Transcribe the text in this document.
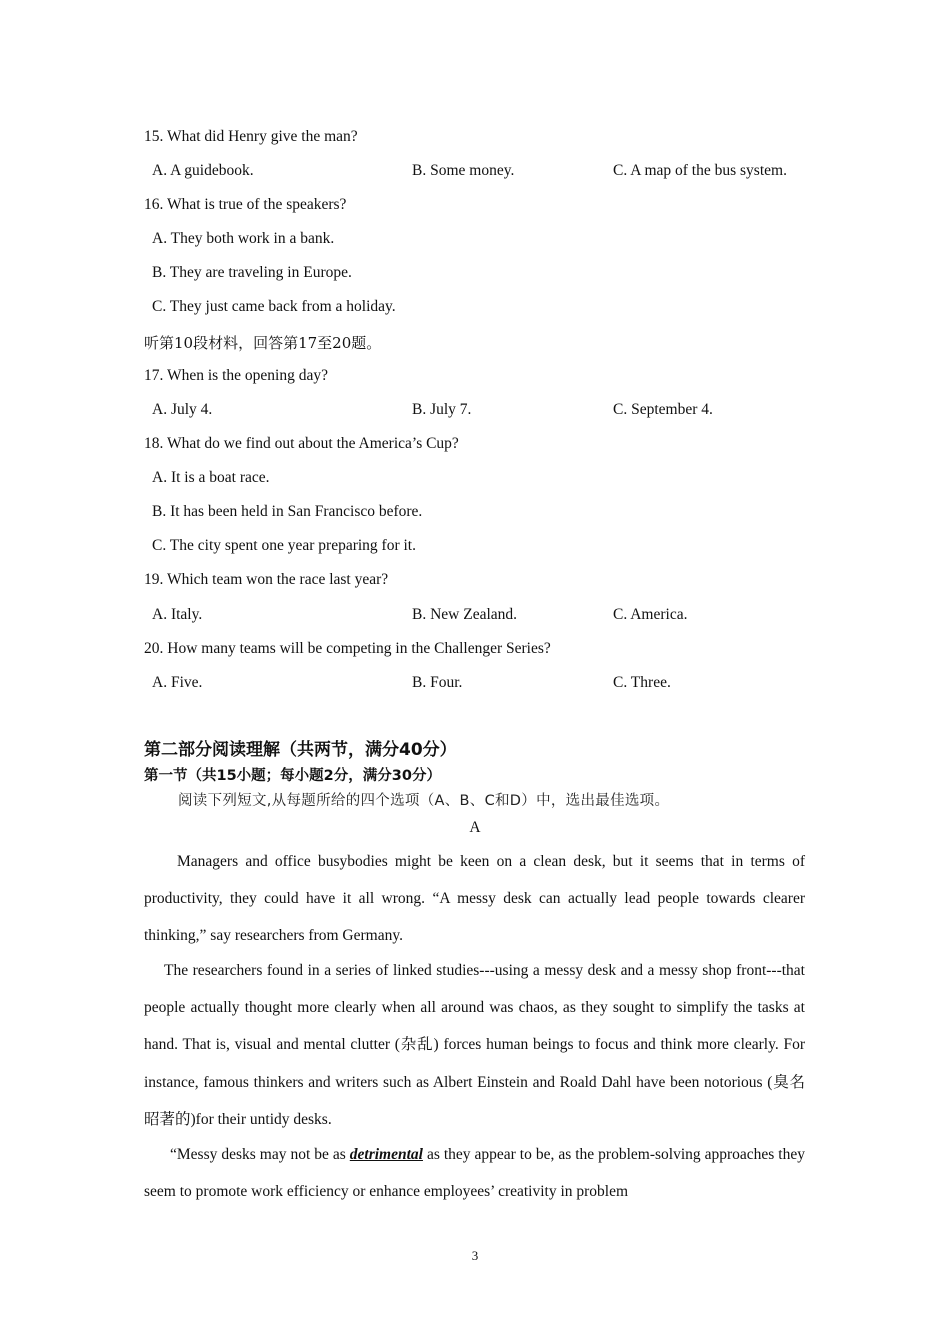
15. What did Henry give the man?
A. A guidebook.	B. Some money.	C. A map of the bus system.
16. What is true of the speakers?
A. They both work in a bank.
B. They are traveling in Europe.
C. They just came back from a holiday.
听第10段材料，回答第17至20题。
17. When is the opening day?
A. July 4.	B. July 7.	C. September 4.
18. What do we find out about the America’s Cup?
A. It is a boat race.
B. It has been held in San Francisco before.
C. The city spent one year preparing for it.
19. Which team won the race last year?
A. Italy.	B. New Zealand.	C. America.
20. How many teams will be competing in the Challenger Series?
A. Five.	B. Four.	C. Three.
第二部分阅读理解（共两节，满分40分）
第一节（共15小题；每小题2分，满分30分）
阅读下列短文,从每题所给的四个选项（A、B、C和D）中，选出最佳选项。
A
Managers and office busybodies might be keen on a clean desk, but it seems that in terms of productivity, they could have it all wrong. “A messy desk can actually lead people towards clearer thinking,” say researchers from Germany.
The researchers found in a series of linked studies---using a messy desk and a messy shop front---that people actually thought more clearly when all around was chaos, as they sought to simplify the tasks at hand. That is, visual and mental clutter (杂乱) forces human beings to focus and think more clearly. For instance, famous thinkers and writers such as Albert Einstein and Roald Dahl have been notorious (臭名昭著的)for their untidy desks.
“Messy desks may not be as detrimental as they appear to be, as the problem-solving approaches they seem to promote work efficiency or enhance employees’ creativity in problem
3
